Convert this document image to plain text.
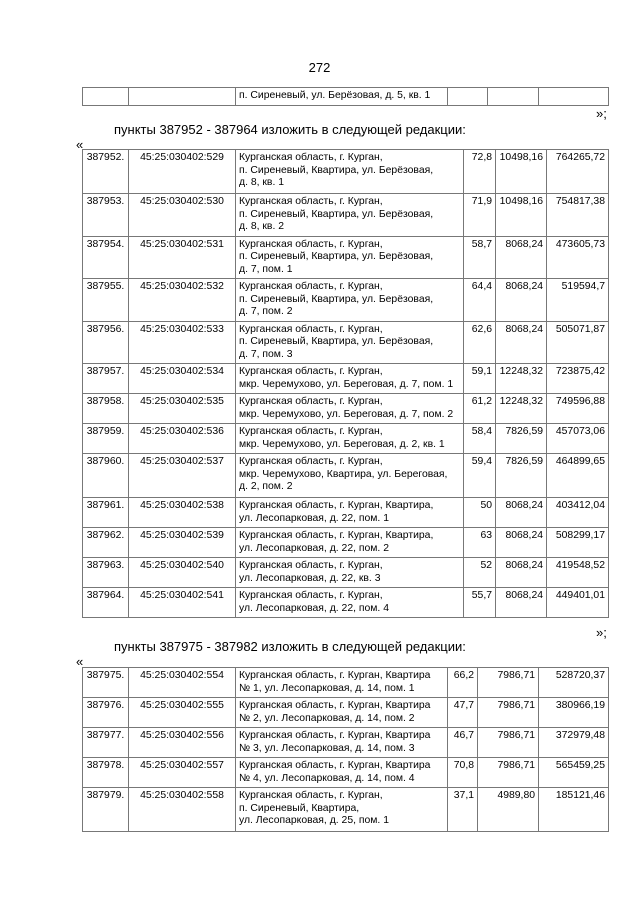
272
		п. Сиреневый, ул. Берёзовая, д. 5, кв. 1			
»;
пункты 387952 - 387964 изложить в следующей редакции:
«
387952.	45:25:030402:529	Курганская область, г. Курган,
п. Сиреневый, Квартира, ул. Берёзовая,
д. 8, кв. 1	72,8	10498,16	764265,72
387953.	45:25:030402:530	Курганская область, г. Курган,
п. Сиреневый, Квартира, ул. Берёзовая,
д. 8, кв. 2	71,9	10498,16	754817,38
387954.	45:25:030402:531	Курганская область, г. Курган,
п. Сиреневый, Квартира, ул. Берёзовая,
д. 7, пом. 1	58,7	8068,24	473605,73
387955.	45:25:030402:532	Курганская область, г. Курган,
п. Сиреневый, Квартира, ул. Берёзовая,
д. 7, пом. 2	64,4	8068,24	519594,7
387956.	45:25:030402:533	Курганская область, г. Курган,
п. Сиреневый, Квартира, ул. Берёзовая,
д. 7, пом. 3	62,6	8068,24	505071,87
387957.	45:25:030402:534	Курганская область, г. Курган,
мкр. Черемухово, ул. Береговая, д. 7, пом. 1	59,1	12248,32	723875,42
387958.	45:25:030402:535	Курганская область, г. Курган,
мкр. Черемухово, ул. Береговая, д. 7, пом. 2	61,2	12248,32	749596,88
387959.	45:25:030402:536	Курганская область, г. Курган,
мкр. Черемухово, ул. Береговая, д. 2, кв. 1	58,4	7826,59	457073,06
387960.	45:25:030402:537	Курганская область, г. Курган,
мкр. Черемухово, Квартира, ул. Береговая,
д. 2, пом. 2	59,4	7826,59	464899,65
387961.	45:25:030402:538	Курганская область, г. Курган, Квартира,
ул. Лесопарковая, д. 22, пом. 1	50	8068,24	403412,04
387962.	45:25:030402:539	Курганская область, г. Курган, Квартира,
ул. Лесопарковая, д. 22, пом. 2	63	8068,24	508299,17
387963.	45:25:030402:540	Курганская область, г. Курган,
ул. Лесопарковая, д. 22, кв. 3	52	8068,24	419548,52
387964.	45:25:030402:541	Курганская область, г. Курган,
ул. Лесопарковая, д. 22, пом. 4	55,7	8068,24	449401,01
»;
пункты 387975 - 387982 изложить в следующей редакции:
«
387975.	45:25:030402:554	Курганская область, г. Курган, Квартира
№ 1, ул. Лесопарковая, д. 14, пом. 1	66,2	7986,71	528720,37
387976.	45:25:030402:555	Курганская область, г. Курган, Квартира
№ 2, ул. Лесопарковая, д. 14, пом. 2	47,7	7986,71	380966,19
387977.	45:25:030402:556	Курганская область, г. Курган, Квартира
№ 3, ул. Лесопарковая, д. 14, пом. 3	46,7	7986,71	372979,48
387978.	45:25:030402:557	Курганская область, г. Курган, Квартира
№ 4, ул. Лесопарковая, д. 14, пом. 4	70,8	7986,71	565459,25
387979.	45:25:030402:558	Курганская область, г. Курган,
п. Сиреневый, Квартира,
ул. Лесопарковая, д. 25, пом. 1	37,1	4989,80	185121,46
